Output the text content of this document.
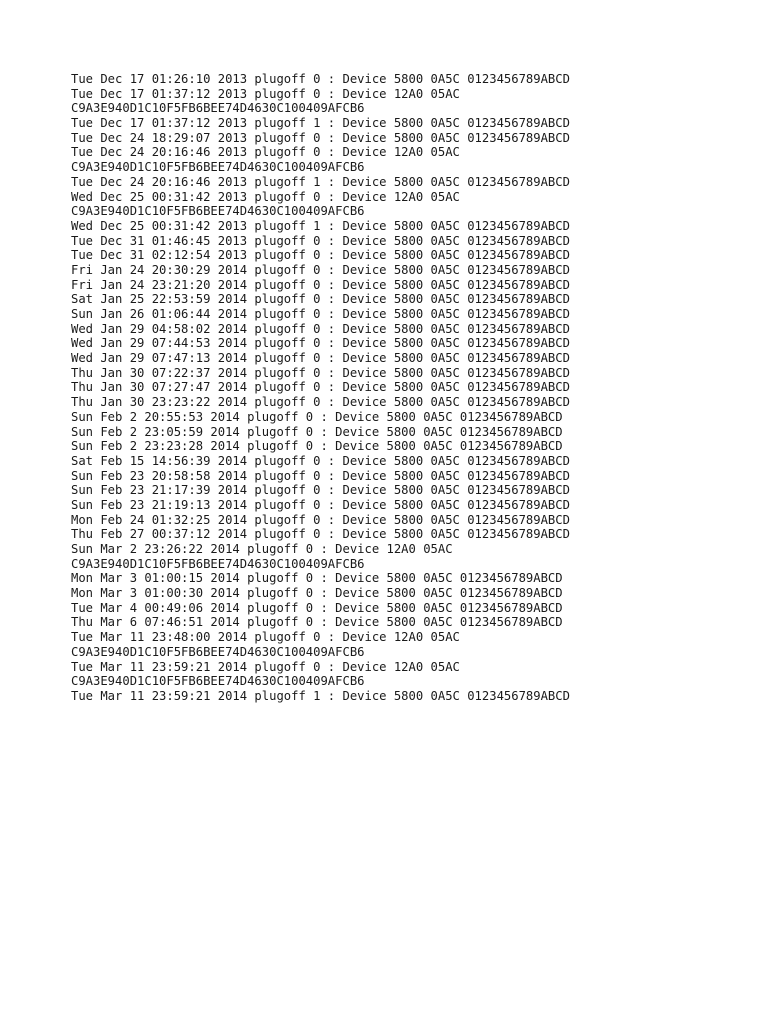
Tue Dec 17 01:26:10 2013 plugoff 0 : Device 5800 0A5C 0123456789ABCD
Tue Dec 17 01:37:12 2013 plugoff 0 : Device 12A0 05AC
C9A3E940D1C10F5FB6BEE74D4630C100409AFCB6
Tue Dec 17 01:37:12 2013 plugoff 1 : Device 5800 0A5C 0123456789ABCD
Tue Dec 24 18:29:07 2013 plugoff 0 : Device 5800 0A5C 0123456789ABCD
Tue Dec 24 20:16:46 2013 plugoff 0 : Device 12A0 05AC
C9A3E940D1C10F5FB6BEE74D4630C100409AFCB6
Tue Dec 24 20:16:46 2013 plugoff 1 : Device 5800 0A5C 0123456789ABCD
Wed Dec 25 00:31:42 2013 plugoff 0 : Device 12A0 05AC
C9A3E940D1C10F5FB6BEE74D4630C100409AFCB6
Wed Dec 25 00:31:42 2013 plugoff 1 : Device 5800 0A5C 0123456789ABCD
Tue Dec 31 01:46:45 2013 plugoff 0 : Device 5800 0A5C 0123456789ABCD
Tue Dec 31 02:12:54 2013 plugoff 0 : Device 5800 0A5C 0123456789ABCD
Fri Jan 24 20:30:29 2014 plugoff 0 : Device 5800 0A5C 0123456789ABCD
Fri Jan 24 23:21:20 2014 plugoff 0 : Device 5800 0A5C 0123456789ABCD
Sat Jan 25 22:53:59 2014 plugoff 0 : Device 5800 0A5C 0123456789ABCD
Sun Jan 26 01:06:44 2014 plugoff 0 : Device 5800 0A5C 0123456789ABCD
Wed Jan 29 04:58:02 2014 plugoff 0 : Device 5800 0A5C 0123456789ABCD
Wed Jan 29 07:44:53 2014 plugoff 0 : Device 5800 0A5C 0123456789ABCD
Wed Jan 29 07:47:13 2014 plugoff 0 : Device 5800 0A5C 0123456789ABCD
Thu Jan 30 07:22:37 2014 plugoff 0 : Device 5800 0A5C 0123456789ABCD
Thu Jan 30 07:27:47 2014 plugoff 0 : Device 5800 0A5C 0123456789ABCD
Thu Jan 30 23:23:22 2014 plugoff 0 : Device 5800 0A5C 0123456789ABCD
Sun Feb 2 20:55:53 2014 plugoff 0 : Device 5800 0A5C 0123456789ABCD
Sun Feb 2 23:05:59 2014 plugoff 0 : Device 5800 0A5C 0123456789ABCD
Sun Feb 2 23:23:28 2014 plugoff 0 : Device 5800 0A5C 0123456789ABCD
Sat Feb 15 14:56:39 2014 plugoff 0 : Device 5800 0A5C 0123456789ABCD
Sun Feb 23 20:58:58 2014 plugoff 0 : Device 5800 0A5C 0123456789ABCD
Sun Feb 23 21:17:39 2014 plugoff 0 : Device 5800 0A5C 0123456789ABCD
Sun Feb 23 21:19:13 2014 plugoff 0 : Device 5800 0A5C 0123456789ABCD
Mon Feb 24 01:32:25 2014 plugoff 0 : Device 5800 0A5C 0123456789ABCD
Thu Feb 27 00:37:12 2014 plugoff 0 : Device 5800 0A5C 0123456789ABCD
Sun Mar 2 23:26:22 2014 plugoff 0 : Device 12A0 05AC
C9A3E940D1C10F5FB6BEE74D4630C100409AFCB6
Mon Mar 3 01:00:15 2014 plugoff 0 : Device 5800 0A5C 0123456789ABCD
Mon Mar 3 01:00:30 2014 plugoff 0 : Device 5800 0A5C 0123456789ABCD
Tue Mar 4 00:49:06 2014 plugoff 0 : Device 5800 0A5C 0123456789ABCD
Thu Mar 6 07:46:51 2014 plugoff 0 : Device 5800 0A5C 0123456789ABCD
Tue Mar 11 23:48:00 2014 plugoff 0 : Device 12A0 05AC
C9A3E940D1C10F5FB6BEE74D4630C100409AFCB6
Tue Mar 11 23:59:21 2014 plugoff 0 : Device 12A0 05AC
C9A3E940D1C10F5FB6BEE74D4630C100409AFCB6
Tue Mar 11 23:59:21 2014 plugoff 1 : Device 5800 0A5C 0123456789ABCD
